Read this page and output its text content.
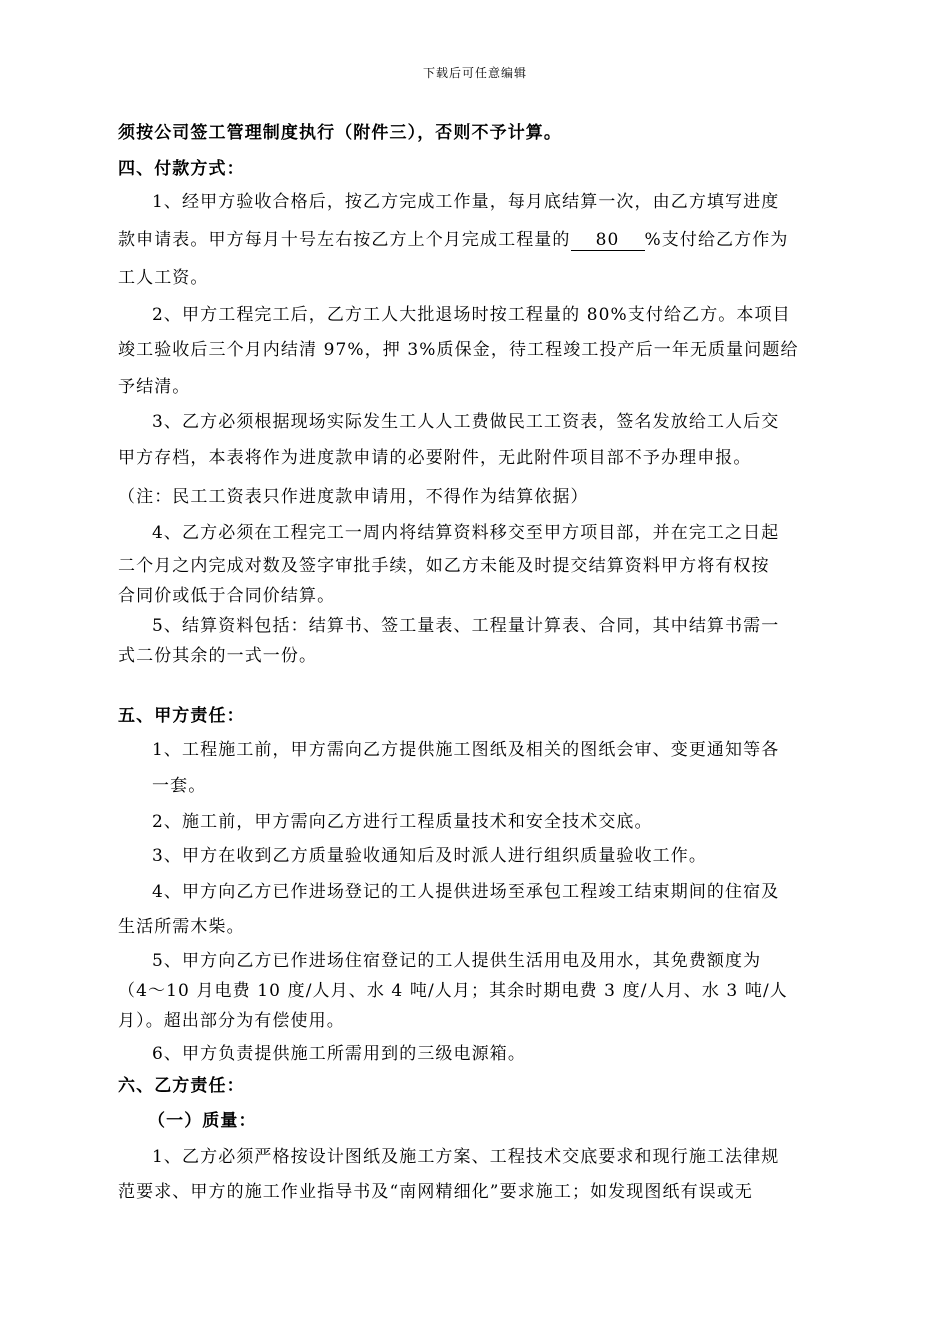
下载后可任意编辑
须按公司签工管理制度执行（附件三），否则不予计算。
四、付款方式：
1、经甲方验收合格后，按乙方完成工作量，每月底结算一次，由乙方填写进度
款申请表。甲方每月十号左右按乙方上个月完成工程量的 80 %支付给乙方作为
工人工资。
2、甲方工程完工后，乙方工人大批退场时按工程量的 80%支付给乙方。本项目
竣工验收后三个月内结清 97%，押 3%质保金，待工程竣工投产后一年无质量问题给
予结清。
3、乙方必须根据现场实际发生工人人工费做民工工资表，签名发放给工人后交
甲方存档，本表将作为进度款申请的必要附件，无此附件项目部不予办理申报。
（注：民工工资表只作进度款申请用，不得作为结算依据）
4、乙方必须在工程完工一周内将结算资料移交至甲方项目部，并在完工之日起
二个月之内完成对数及签字审批手续，如乙方未能及时提交结算资料甲方将有权按
合同价或低于合同价结算。
5、结算资料包括：结算书、签工量表、工程量计算表、合同，其中结算书需一
式二份其余的一式一份。
五、甲方责任：
1、工程施工前，甲方需向乙方提供施工图纸及相关的图纸会审、变更通知等各
一套。
2、施工前，甲方需向乙方进行工程质量技术和安全技术交底。
3、甲方在收到乙方质量验收通知后及时派人进行组织质量验收工作。
4、甲方向乙方已作进场登记的工人提供进场至承包工程竣工结束期间的住宿及
生活所需木柴。
5、甲方向乙方已作进场住宿登记的工人提供生活用电及用水，其免费额度为
（4～10 月电费 10 度/人月、水 4 吨/人月；其余时期电费 3 度/人月、水 3 吨/人
月）。超出部分为有偿使用。
6、甲方负责提供施工所需用到的三级电源箱。
六、乙方责任：
（一）质量：
1、乙方必须严格按设计图纸及施工方案、工程技术交底要求和现行施工法律规
范要求、甲方的施工作业指导书及“南网精细化”要求施工；如发现图纸有误或无
